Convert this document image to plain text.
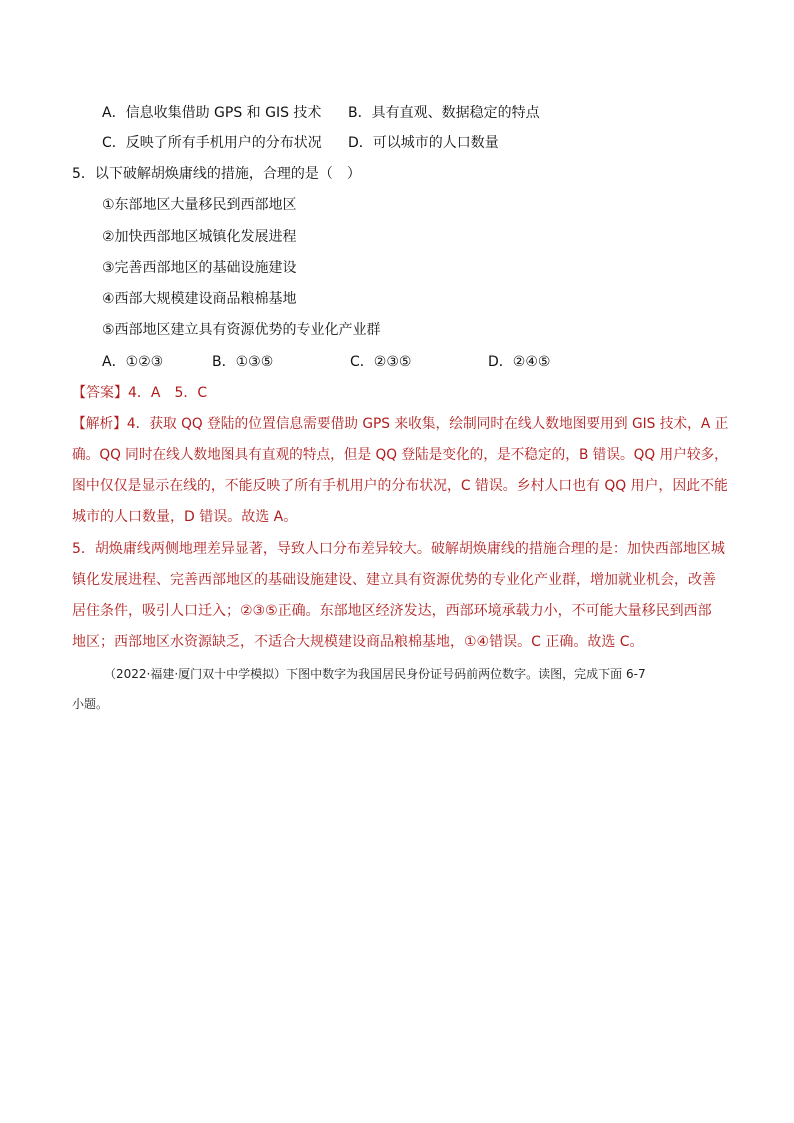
A．信息收集借助 GPS 和 GIS 技术 B．具有直观、数据稳定的特点
C．反映了所有手机用户的分布状况 D．可以城市的人口数量
5．以下破解胡焕庸线的措施，合理的是（　）
①东部地区大量移民到西部地区
②加快西部地区城镇化发展进程
③完善西部地区的基础设施建设
④西部大规模建设商品粮棉基地
⑤西部地区建立具有资源优势的专业化产业群
A．①②③	B．①③⑤	C．②③⑤	D．②④⑤
【答案】4．A　5．C
【解析】4．获取 QQ 登陆的位置信息需要借助 GPS 来收集，绘制同时在线人数地图要用到 GIS 技术，A 正
确。QQ 同时在线人数地图具有直观的特点，但是 QQ 登陆是变化的，是不稳定的，B 错误。QQ 用户较多，
图中仅仅是显示在线的，不能反映了所有手机用户的分布状况，C 错误。乡村人口也有 QQ 用户，因此不能
城市的人口数量，D 错误。故选 A。
5．胡焕庸线两侧地理差异显著，导致人口分布差异较大。破解胡焕庸线的措施合理的是：加快西部地区城
镇化发展进程、完善西部地区的基础设施建设、建立具有资源优势的专业化产业群，增加就业机会，改善
居住条件，吸引人口迁入；②③⑤正确。东部地区经济发达，西部环境承载力小，不可能大量移民到西部
地区；西部地区水资源缺乏，不适合大规模建设商品粮棉基地，①④错误。C 正确。故选 C。
（2022·福建·厦门双十中学模拟）下图中数字为我国居民身份证号码前两位数字。读图，完成下面 6-7
小题。
